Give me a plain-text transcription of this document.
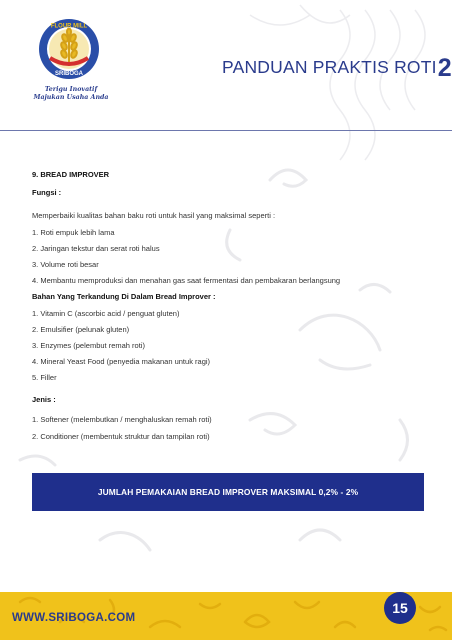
FLOUR MILL
SRIBOGA
Terigu Inovatif
Majukan Usaha Anda
PANDUAN PRAKTIS ROTI2
9. BREAD IMPROVER
Fungsi :
Memperbaiki kualitas bahan baku roti untuk hasil yang maksimal seperti :
1. Roti empuk lebih lama
2. Jaringan tekstur dan serat roti halus
3. Volume roti besar
4. Membantu memproduksi dan menahan gas saat fermentasi dan pembakaran berlangsung
Bahan Yang Terkandung Di Dalam Bread Improver :
1. Vitamin C (ascorbic acid / penguat gluten)
2. Emulsifier (pelunak gluten)
3. Enzymes (pelembut remah roti)
4. Mineral Yeast Food (penyedia makanan untuk ragi)
5. Filler
Jenis :
1. Softener (melembutkan / menghaluskan remah roti)
2. Conditioner (membentuk struktur dan tampilan roti)
JUMLAH PEMAKAIAN BREAD IMPROVER MAKSIMAL 0,2% - 2%
WWW.SRIBOGA.COM
15
